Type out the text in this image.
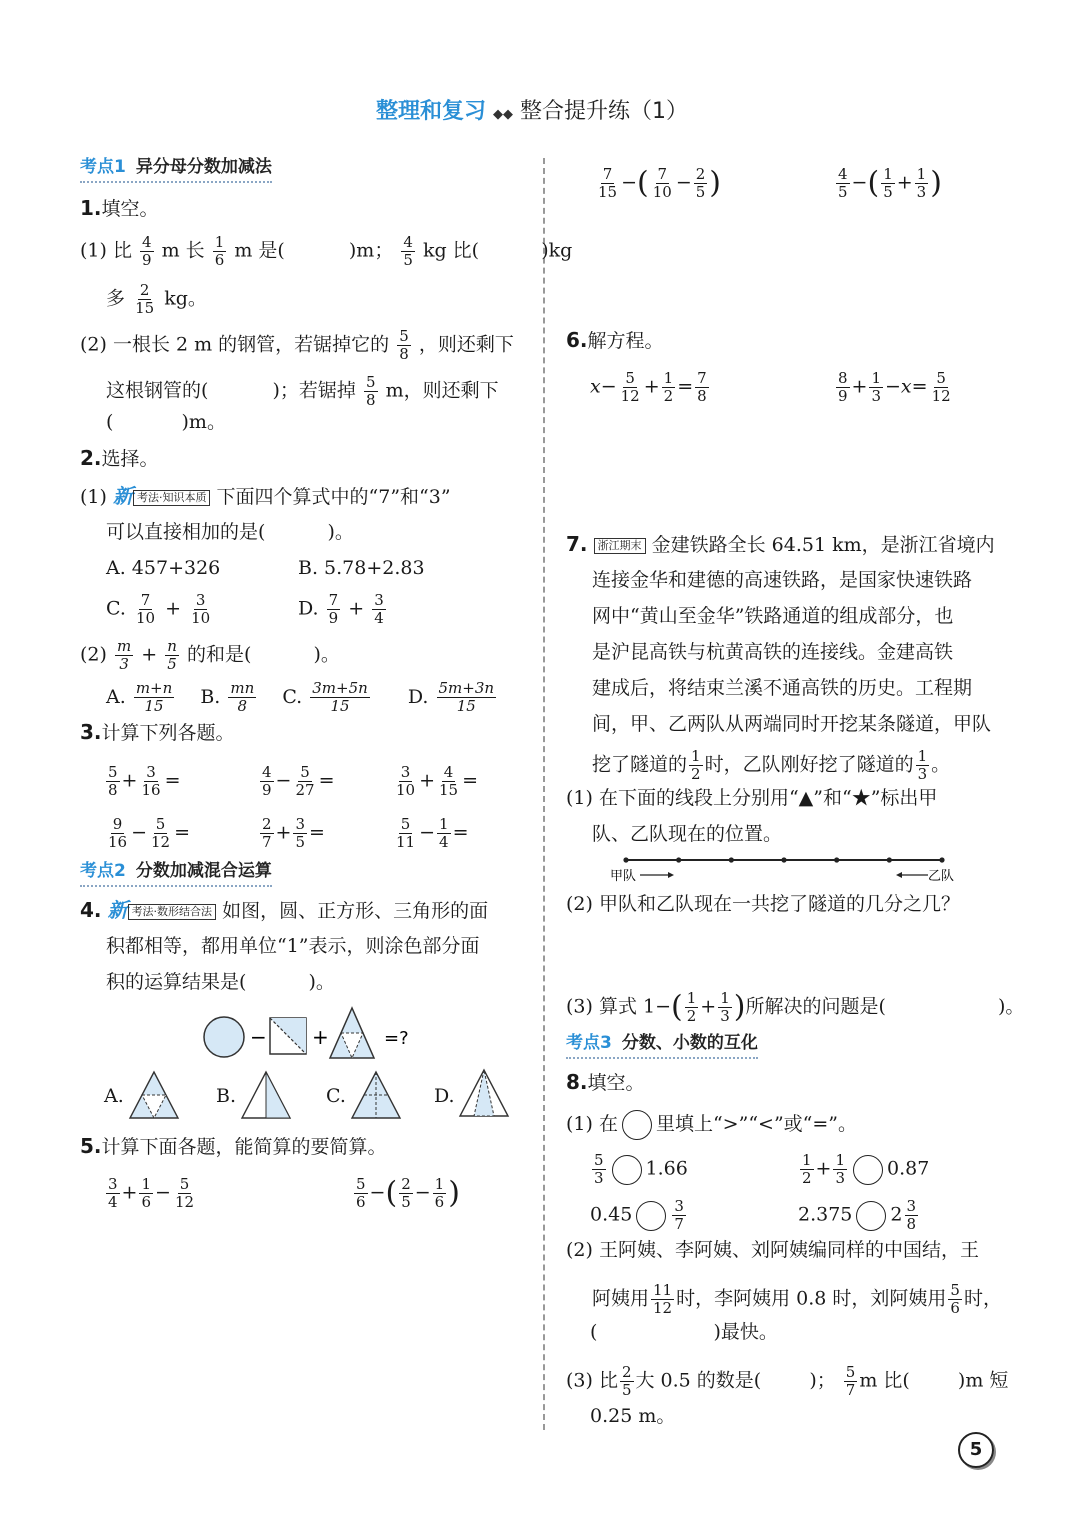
整理和复习 ◆◆ 整合提升练（1）
考点1 异分母分数加减法
1.填空。
(1) 比 $\frac{4}{9}$ m 长 $\frac{1}{6}$ m 是(	)m； $\frac{4}{5}$ kg 比(	)kg
多 $\frac{2}{15}$ kg。
(2) 一根长 2 m 的钢管，若锯掉它的 $\frac{5}{8}$ ，则还剩下
这根钢管的(	)；若锯掉 $\frac{5}{8}$ m，则还剩下
(	)m。
2.选择。
(1) 新 考法·知识本质 下面四个算式中的“7”和“3”
可以直接相加的是(	)。
A. 457+326	B. 5.78+2.83
C. $\frac{7}{10} + \frac{3}{10}$	D. $\frac{7}{9} + \frac{3}{4}$
$(2) \frac{m}{3} + \frac{n}{5}$ 的和是(	)。
A. $\frac{m+n}{15} B$. $\frac{mn}{8} C$. $\frac{3m+5n}{15} D$. $\frac{5m+3n}{15}$
3.计算下列各题。
$\frac{5}{8} + \frac{3}{16}$ =	$\frac{4}{9} - \frac{5}{27}$ =	$\frac{3}{10} + \frac{4}{15}$ =
$\frac{9}{16} - \frac{5}{12}$ =	$\frac{2}{7} + \frac{3}{5}$ =	$\frac{5}{11} - \frac{1}{4}$ =
考点2 分数加减混合运算
4. 新 考法·数形结合法 如图，圆、正方形、三角形的面
积都相等，都用单位“1”表示，则涂色部分面
积的运算结果是(	)。
− +	=?
A.	B.	C.	D.
5.计算下面各题，能简算的要简算。
$\frac{3}{4} + \frac{1}{6} - \frac{5}{12}$	$\frac{5}{6}$ −( $\frac{2}{5} - \frac{1}{6}$ )
$\frac{7}{15}$ −( $\frac{7}{10} - \frac{2}{5}$ )	$\frac{4}{5}$ −( $\frac{1}{5} + \frac{1}{3}$ )
6.解方程。
$x- \frac{5}{12} + \frac{1}{2} = \frac{7}{8}$	$\frac{8}{9} + \frac{1}{3} -x= \frac{5}{12}$
7. 浙江期末 金建铁路全长 64.51 km，是浙江省境内
连接金华和建德的高速铁路，是国家快速铁路
网中“黄山至金华”铁路通道的组成部分，也
是沪昆高铁与杭黄高铁的连接线。金建高铁
建成后，将结束兰溪不通高铁的历史。工程期
间，甲、乙两队从两端同时开挖某条隧道，甲队
挖了隧道的 $\frac{1}{2}$ 时，乙队刚好挖了隧道的 $\frac{1}{3}$ 。
(1) 在下面的线段上分别用“▲”和“★”标出甲
队、乙队现在的位置。
甲队	乙队
(2) 甲队和乙队现在一共挖了隧道的几分之几？
(3) 算式 $1-( \frac{1}{2} + \frac{1}{3}$ )所解决的问题是(	)。
考点3 分数、小数的互化
8.填空。
(1) 在 里填上“>”“<”或“=”。
$\frac{5}{3} 1.66$	$\frac{1}{2} + \frac{1}{3} 0.87$
0.45	$\frac{3}{7}$	2.375 $2 \frac{3}{8}$
(2) 王阿姨、李阿姨、刘阿姨编同样的中国结，王
阿姨用 $\frac{11}{12}$ 时，李阿姨用 0.8 时，刘阿姨用 $\frac{5}{6}$ 时，
(	)最快。
(3) 比 $\frac{2}{5}$ 大 0.5 的数是(	)； $\frac{5}{7}$ m 比(	)m 短
0.25 m。
5
